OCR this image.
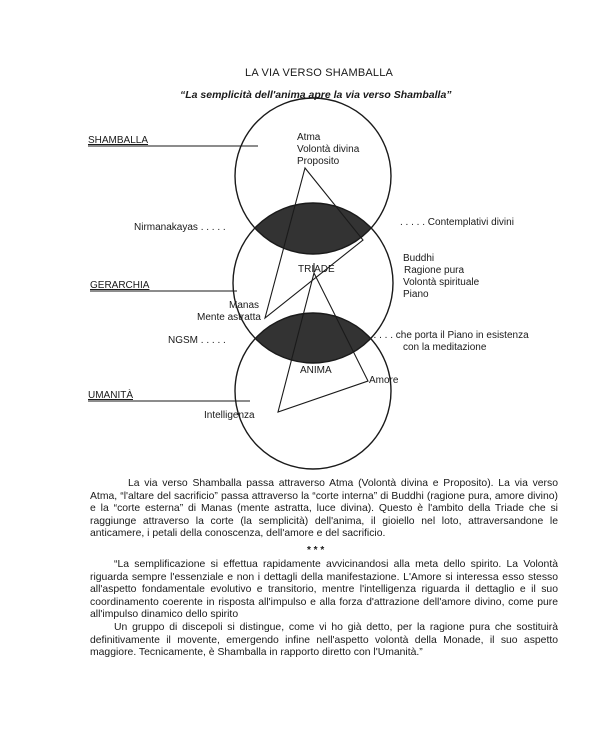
LA VIA VERSO SHAMBALLA
“La semplicità dell'anima apre la via verso Shamballa”
SHAMBALLA
GERARCHIA
UMANITÀ
Atma
Volontà divina
Proposito
TRIADE
Manas
Mente astratta
ANIMA
Amore
Intelligenza
Nirmanakayas . . . . .	. . . . . Contemplativi divini
Buddhi
Ragione pura
Volontà spirituale
Piano
NGSM . . . . .	. . . . . che porta il Piano in esistenza
con la meditazione

La via verso Shamballa passa attraverso Atma (Volontà divina e Proposito). La via verso Atma, “l'altare del sacrificio” passa attraverso la “corte interna” di Buddhi (ragione pura, amore divino) e la “corte esterna” di Manas (mente astratta, luce divina). Questo è l'ambito della Triade che si raggiunge attraverso la corte (la semplicità) dell'anima, il gioiello nel loto, attraversandone le anticamere, i petali della conoscenza, dell'amore e del sacrificio.

* * *

“La semplificazione si effettua rapidamente avvicinandosi alla meta dello spirito. La Volontà riguarda sempre l'essenziale e non i dettagli della manifestazione. L'Amore si interessa esso stesso all'aspetto fondamentale evolutivo e transitorio, mentre l'intelligenza riguarda il dettaglio e il suo coordinamento coerente in risposta all'impulso e alla forza d'attrazione dell'amore divino, come pure all'impulso dinamico dello spirito

Un gruppo di discepoli si distingue, come vi ho già detto, per la ragione pura che sostituirà definitivamente il movente, emergendo infine nell'aspetto volontà della Monade, il suo aspetto maggiore. Tecnicamente, è Shamballa in rapporto diretto con l'Umanità.”
